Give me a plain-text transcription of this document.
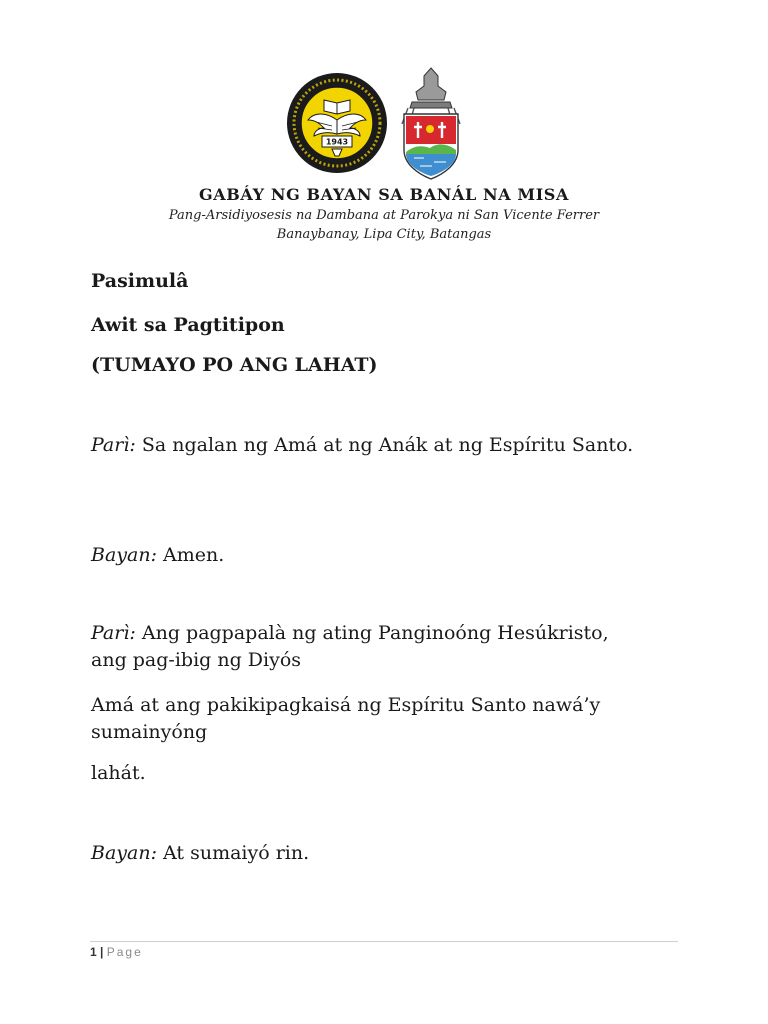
1943

GABÁY NG BAYAN SA BANÁL NA MISA

Pang-Arsidiyosesis na Dambana at Parokya ni San Vicente Ferrer

Banaybanay, Lipa City, Batangas

Pasimulâ

Awit sa Pagtitipon

(TUMAYO PO ANG LAHAT)

Parì: Sa ngalan ng Amá at ng Anák at ng Espíritu Santo.

Bayan: Amen.

Parì: Ang pagpapalà ng ating Panginoóng Hesúkristo, ang pag-ibig ng Diyós

Amá at ang pakikipagkaisá ng Espíritu Santo nawá’y sumainyóng

lahát.

Bayan: At sumaiyó rin.

1 | Page
